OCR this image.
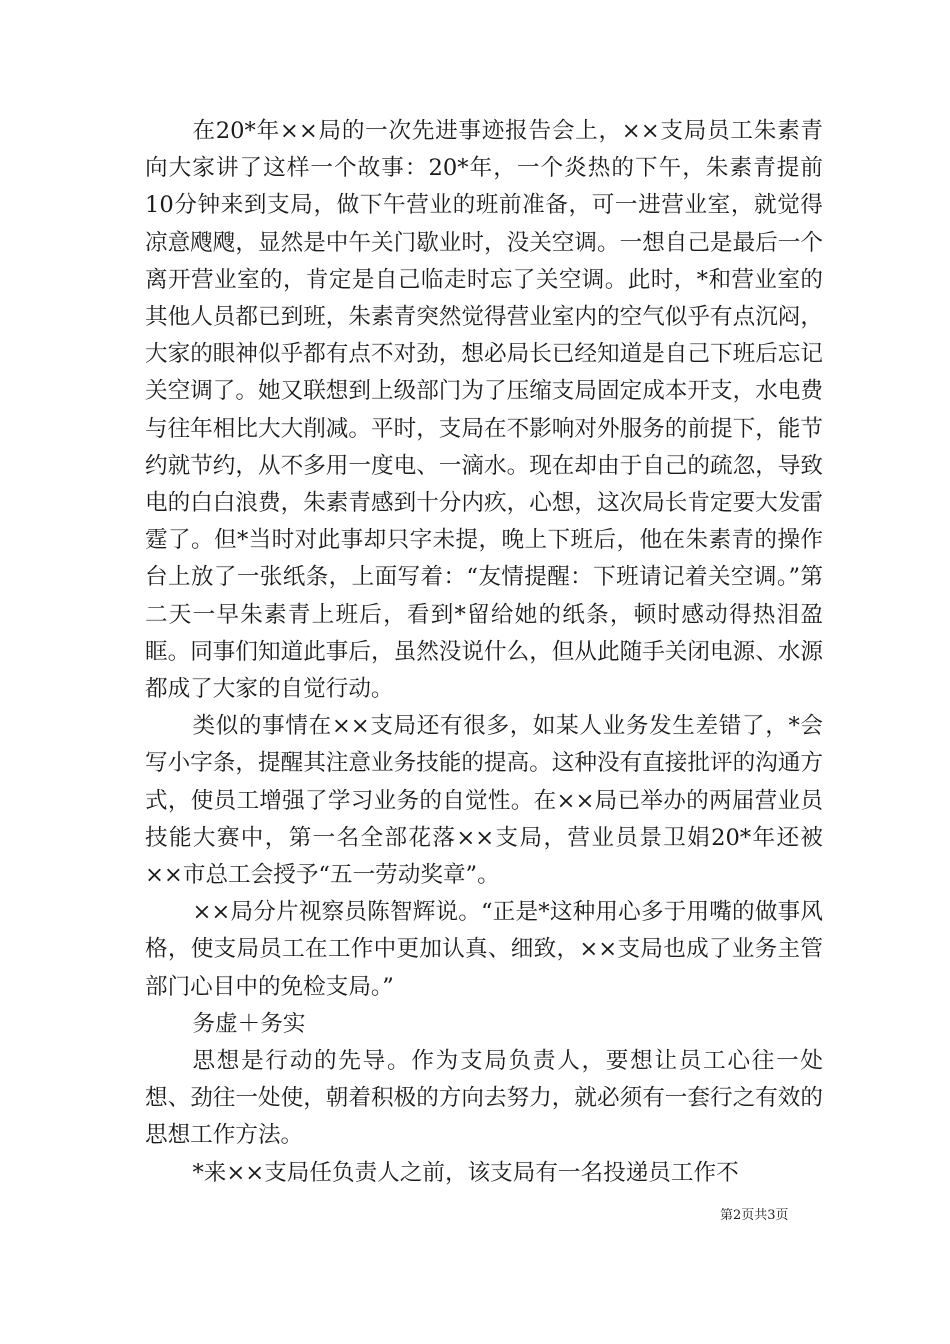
在20*年××局的一次先进事迹报告会上，××支局员工朱素青向大家讲了这样一个故事：20*年，一个炎热的下午，朱素青提前10分钟来到支局，做下午营业的班前准备，可一进营业室，就觉得凉意飕飕，显然是中午关门歇业时，没关空调。一想自己是最后一个离开营业室的，肯定是自己临走时忘了关空调。此时，*和营业室的其他人员都已到班，朱素青突然觉得营业室内的空气似乎有点沉闷，大家的眼神似乎都有点不对劲，想必局长已经知道是自己下班后忘记关空调了。她又联想到上级部门为了压缩支局固定成本开支，水电费与往年相比大大削减。平时，支局在不影响对外服务的前提下，能节约就节约，从不多用一度电、一滴水。现在却由于自己的疏忽，导致电的白白浪费，朱素青感到十分内疚，心想，这次局长肯定要大发雷霆了。但*当时对此事却只字未提，晚上下班后，他在朱素青的操作台上放了一张纸条，上面写着：“友情提醒：下班请记着关空调。”第二天一早朱素青上班后，看到*留给她的纸条，顿时感动得热泪盈眶。同事们知道此事后，虽然没说什么，但从此随手关闭电源、水源都成了大家的自觉行动。

类似的事情在××支局还有很多，如某人业务发生差错了，*会写小字条，提醒其注意业务技能的提高。这种没有直接批评的沟通方式，使员工增强了学习业务的自觉性。在××局已举办的两届营业员技能大赛中，第一名全部花落××支局，营业员景卫娟20*年还被××市总工会授予“五一劳动奖章”。

××局分片视察员陈智辉说。“正是*这种用心多于用嘴的做事风格，使支局员工在工作中更加认真、细致，××支局也成了业务主管部门心目中的免检支局。”

务虚＋务实

思想是行动的先导。作为支局负责人，要想让员工心往一处想、劲往一处使，朝着积极的方向去努力，就必须有一套行之有效的思想工作方法。

*来××支局任负责人之前，该支局有一名投递员工作不

第2页共3页
